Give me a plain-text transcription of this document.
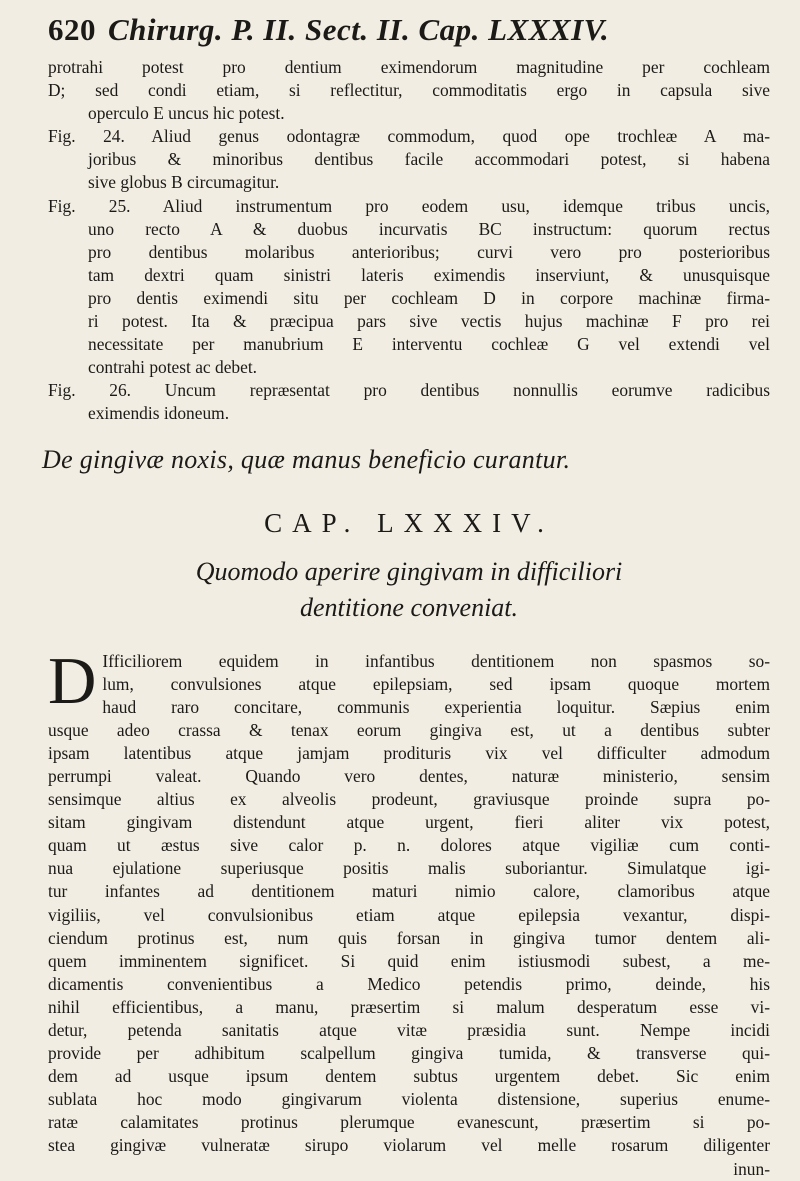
620 Chirurg. P. II. Sect. II. Cap. LXXXIV.
protrahi potest pro dentium eximendorum magnitudine per cochleam
D; sed condi etiam, si reflectitur, commoditatis ergo in capsula sive
operculo E uncus hic potest.
Fig. 24. Aliud genus odontagræ commodum, quod ope trochleæ A ma-
joribus & minoribus dentibus facile accommodari potest, si habena
sive globus B circumagitur.
Fig. 25. Aliud instrumentum pro eodem usu, idemque tribus uncis,
uno recto A & duobus incurvatis BC instructum: quorum rectus
pro dentibus molaribus anterioribus; curvi vero pro posterioribus
tam dextri quam sinistri lateris eximendis inserviunt, & unusquisque
pro dentis eximendi situ per cochleam D in corpore machinæ firma-
ri potest. Ita & præcipua pars sive vectis hujus machinæ F pro rei
necessitate per manubrium E interventu cochleæ G vel extendi vel
contrahi potest ac debet.
Fig. 26. Uncum repræsentat pro dentibus nonnullis eorumve radicibus
eximendis idoneum.
De gingivæ noxis, quæ manus beneficio curantur.
CAP. LXXXIV.
Quomodo aperire gingivam in difficiliori
dentitione conveniat.
D Ifficiliorem equidem in infantibus dentitionem non spasmos so-
lum, convulsiones atque epilepsiam, sed ipsam quoque mortem
haud raro concitare, communis experientia loquitur. Sæpius enim
usque adeo crassa & tenax eorum gingiva est, ut a dentibus subter
ipsam latentibus atque jamjam prodituris vix vel difficulter admodum
perrumpi valeat. Quando vero dentes, naturæ ministerio, sensim
sensimque altius ex alveolis prodeunt, graviusque proinde supra po-
sitam gingivam distendunt atque urgent, fieri aliter vix potest,
quam ut æstus sive calor p. n. dolores atque vigiliæ cum conti-
nua ejulatione superiusque positis malis suboriantur. Simulatque igi-
tur infantes ad dentitionem maturi nimio calore, clamoribus atque
vigiliis, vel convulsionibus etiam atque epilepsia vexantur, dispi-
ciendum protinus est, num quis forsan in gingiva tumor dentem ali-
quem imminentem significet. Si quid enim istiusmodi subest, a me-
dicamentis convenientibus a Medico petendis primo, deinde, his
nihil efficientibus, a manu, præsertim si malum desperatum esse vi-
detur, petenda sanitatis atque vitæ præsidia sunt. Nempe incidi
provide per adhibitum scalpellum gingiva tumida, & transverse qui-
dem ad usque ipsum dentem subtus urgentem debet. Sic enim
sublata hoc modo gingivarum violenta distensione, superius enume-
ratæ calamitates protinus plerumque evanescunt, præsertim si po-
stea gingivæ vulneratæ sirupo violarum vel melle rosarum diligenter
inun-
